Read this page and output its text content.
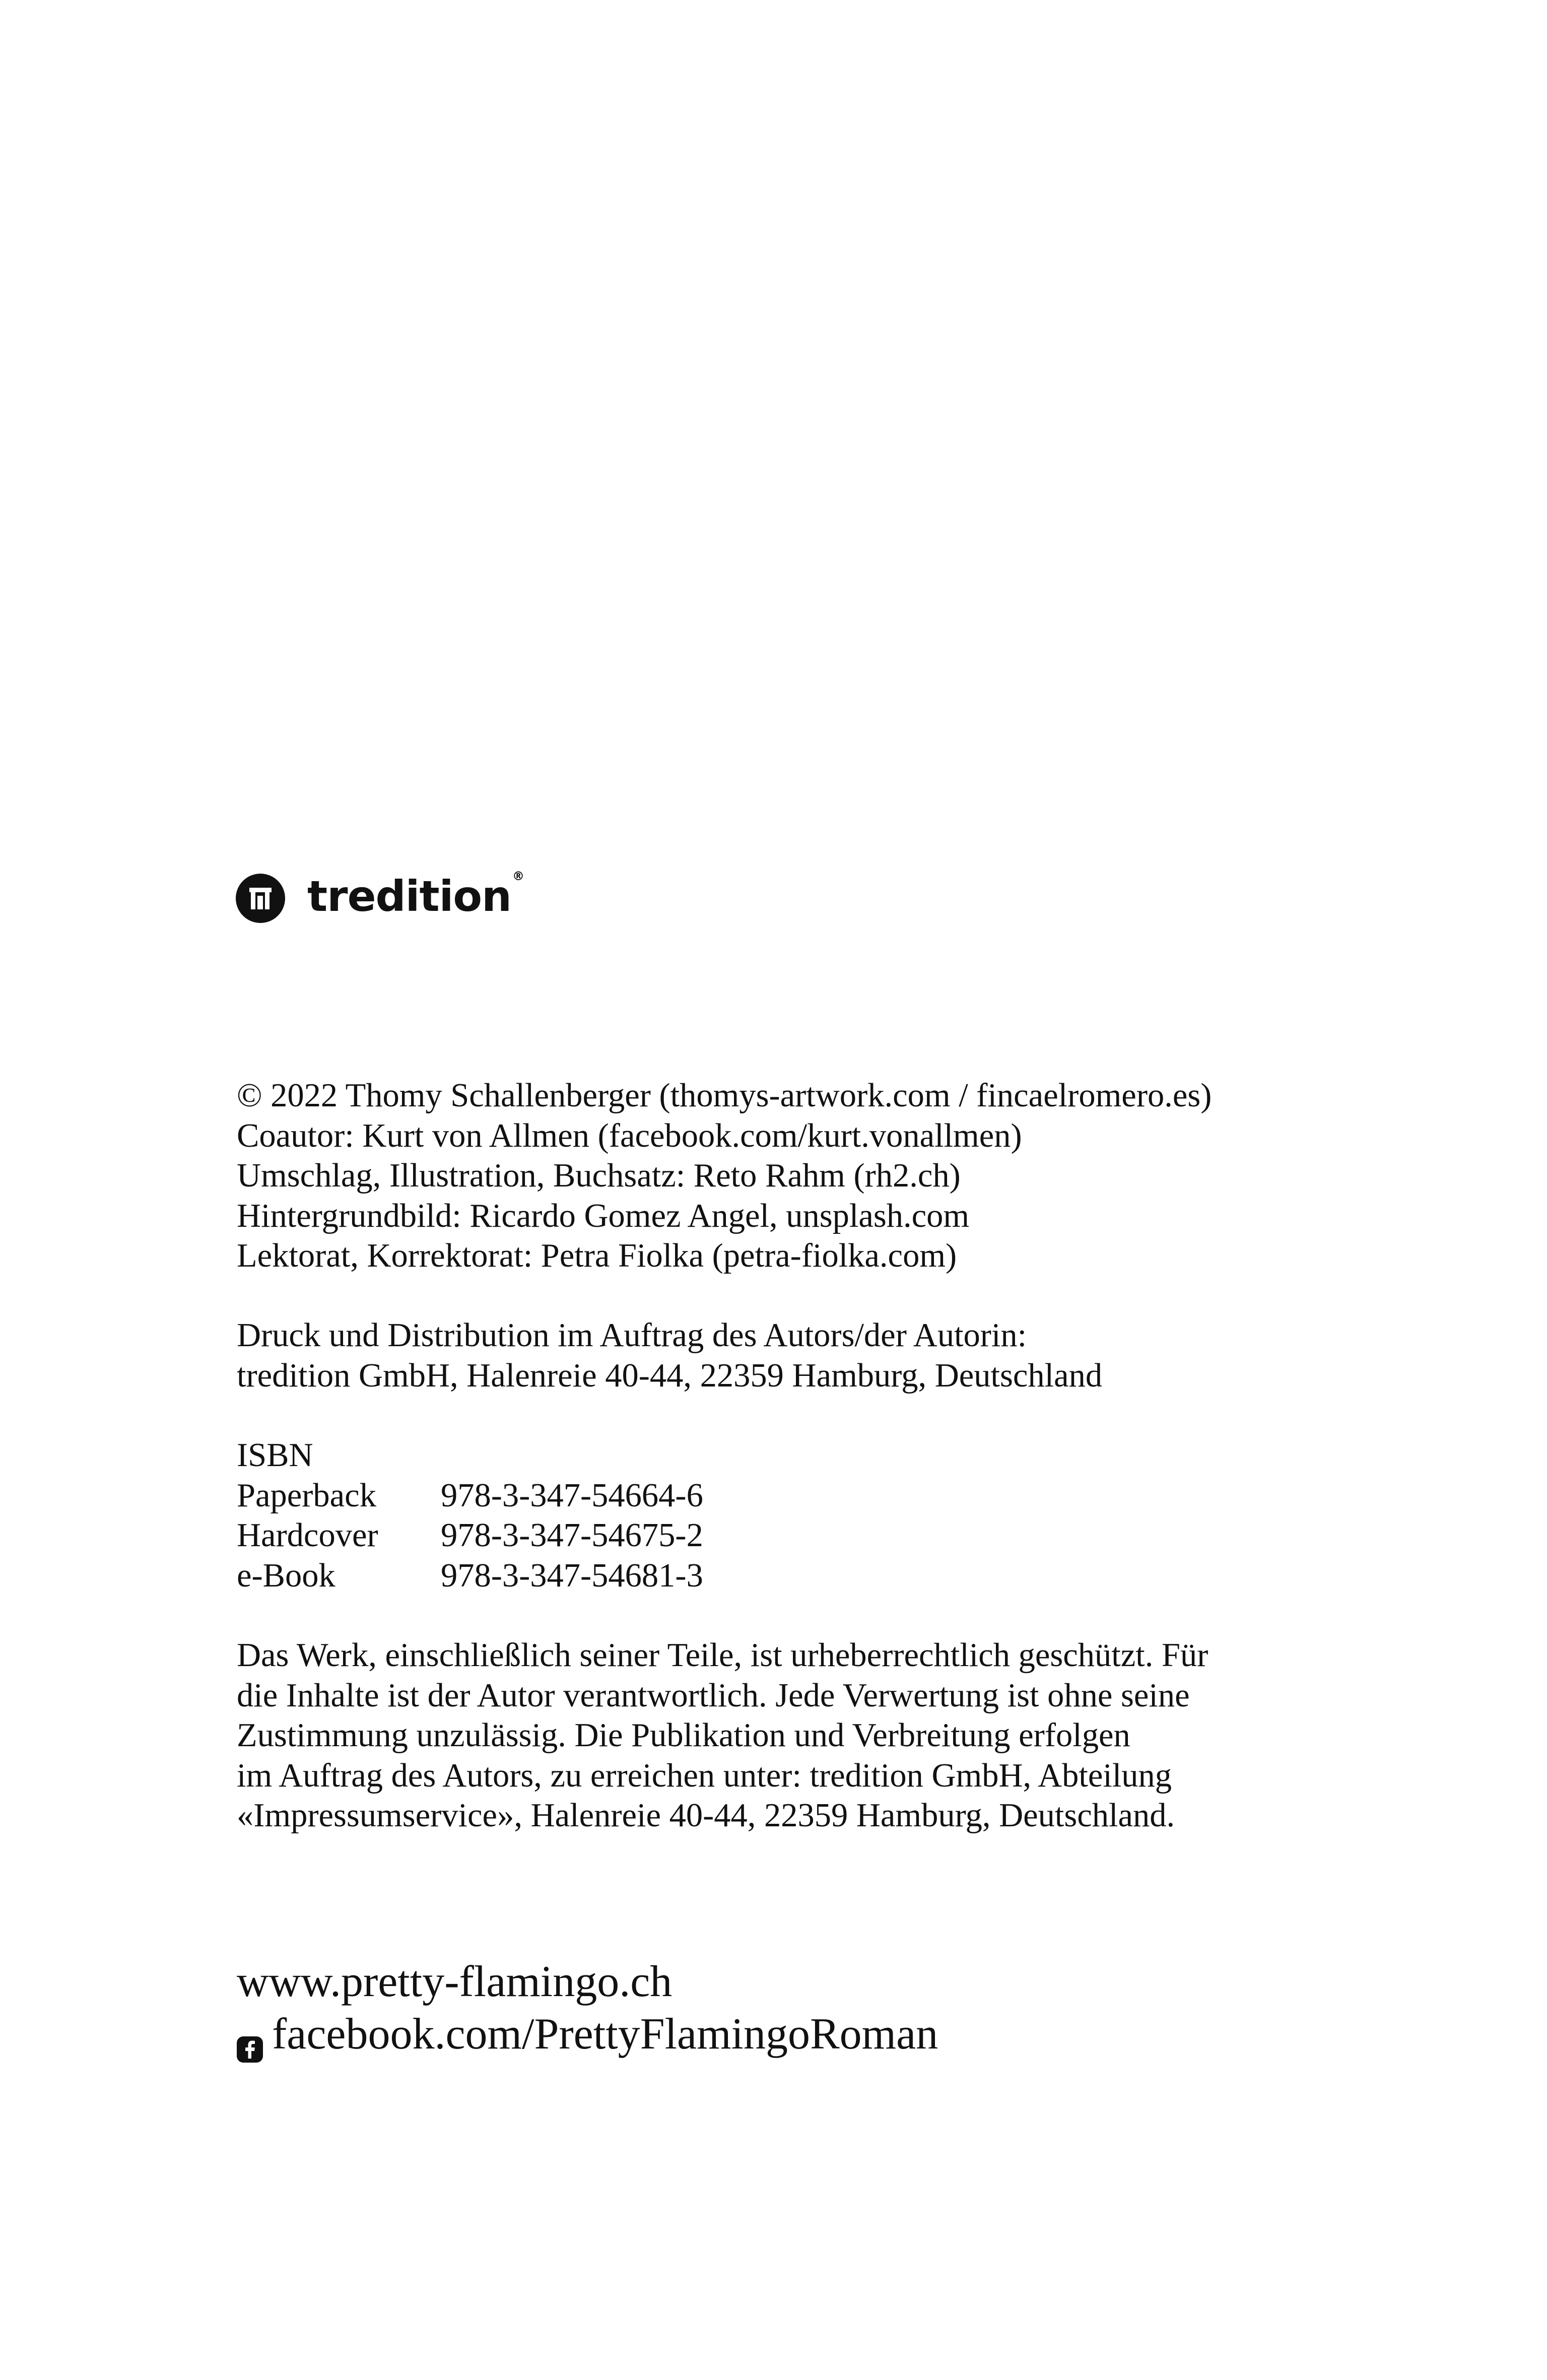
tredition ®
© 2022 Thomy Schallenberger (thomys-artwork.com / fincaelromero.es)
Coautor: Kurt von Allmen (facebook.com/kurt.vonallmen)
Umschlag, Illustration, Buchsatz: Reto Rahm (rh2.ch)
Hintergrundbild: Ricardo Gomez Angel, unsplash.com
Lektorat, Korrektorat: Petra Fiolka (petra-fiolka.com)
Druck und Distribution im Auftrag des Autors/der Autorin:
tredition GmbH, Halenreie 40-44, 22359 Hamburg, Deutschland
ISBN
Paperback	978-3-347-54664-6
Hardcover	978-3-347-54675-2
e-Book	978-3-347-54681-3
Das Werk, einschließlich seiner Teile, ist urheberrechtlich geschützt. Für
die Inhalte ist der Autor verantwortlich. Jede Verwertung ist ohne seine
Zustimmung unzulässig. Die Publikation und Verbreitung erfolgen
im Auftrag des Autors, zu erreichen unter: tredition GmbH, Abteilung
«Impressumservice», Halenreie 40-44, 22359 Hamburg, Deutschland.
www.pretty-flamingo.ch
facebook.com/PrettyFlamingoRoman
